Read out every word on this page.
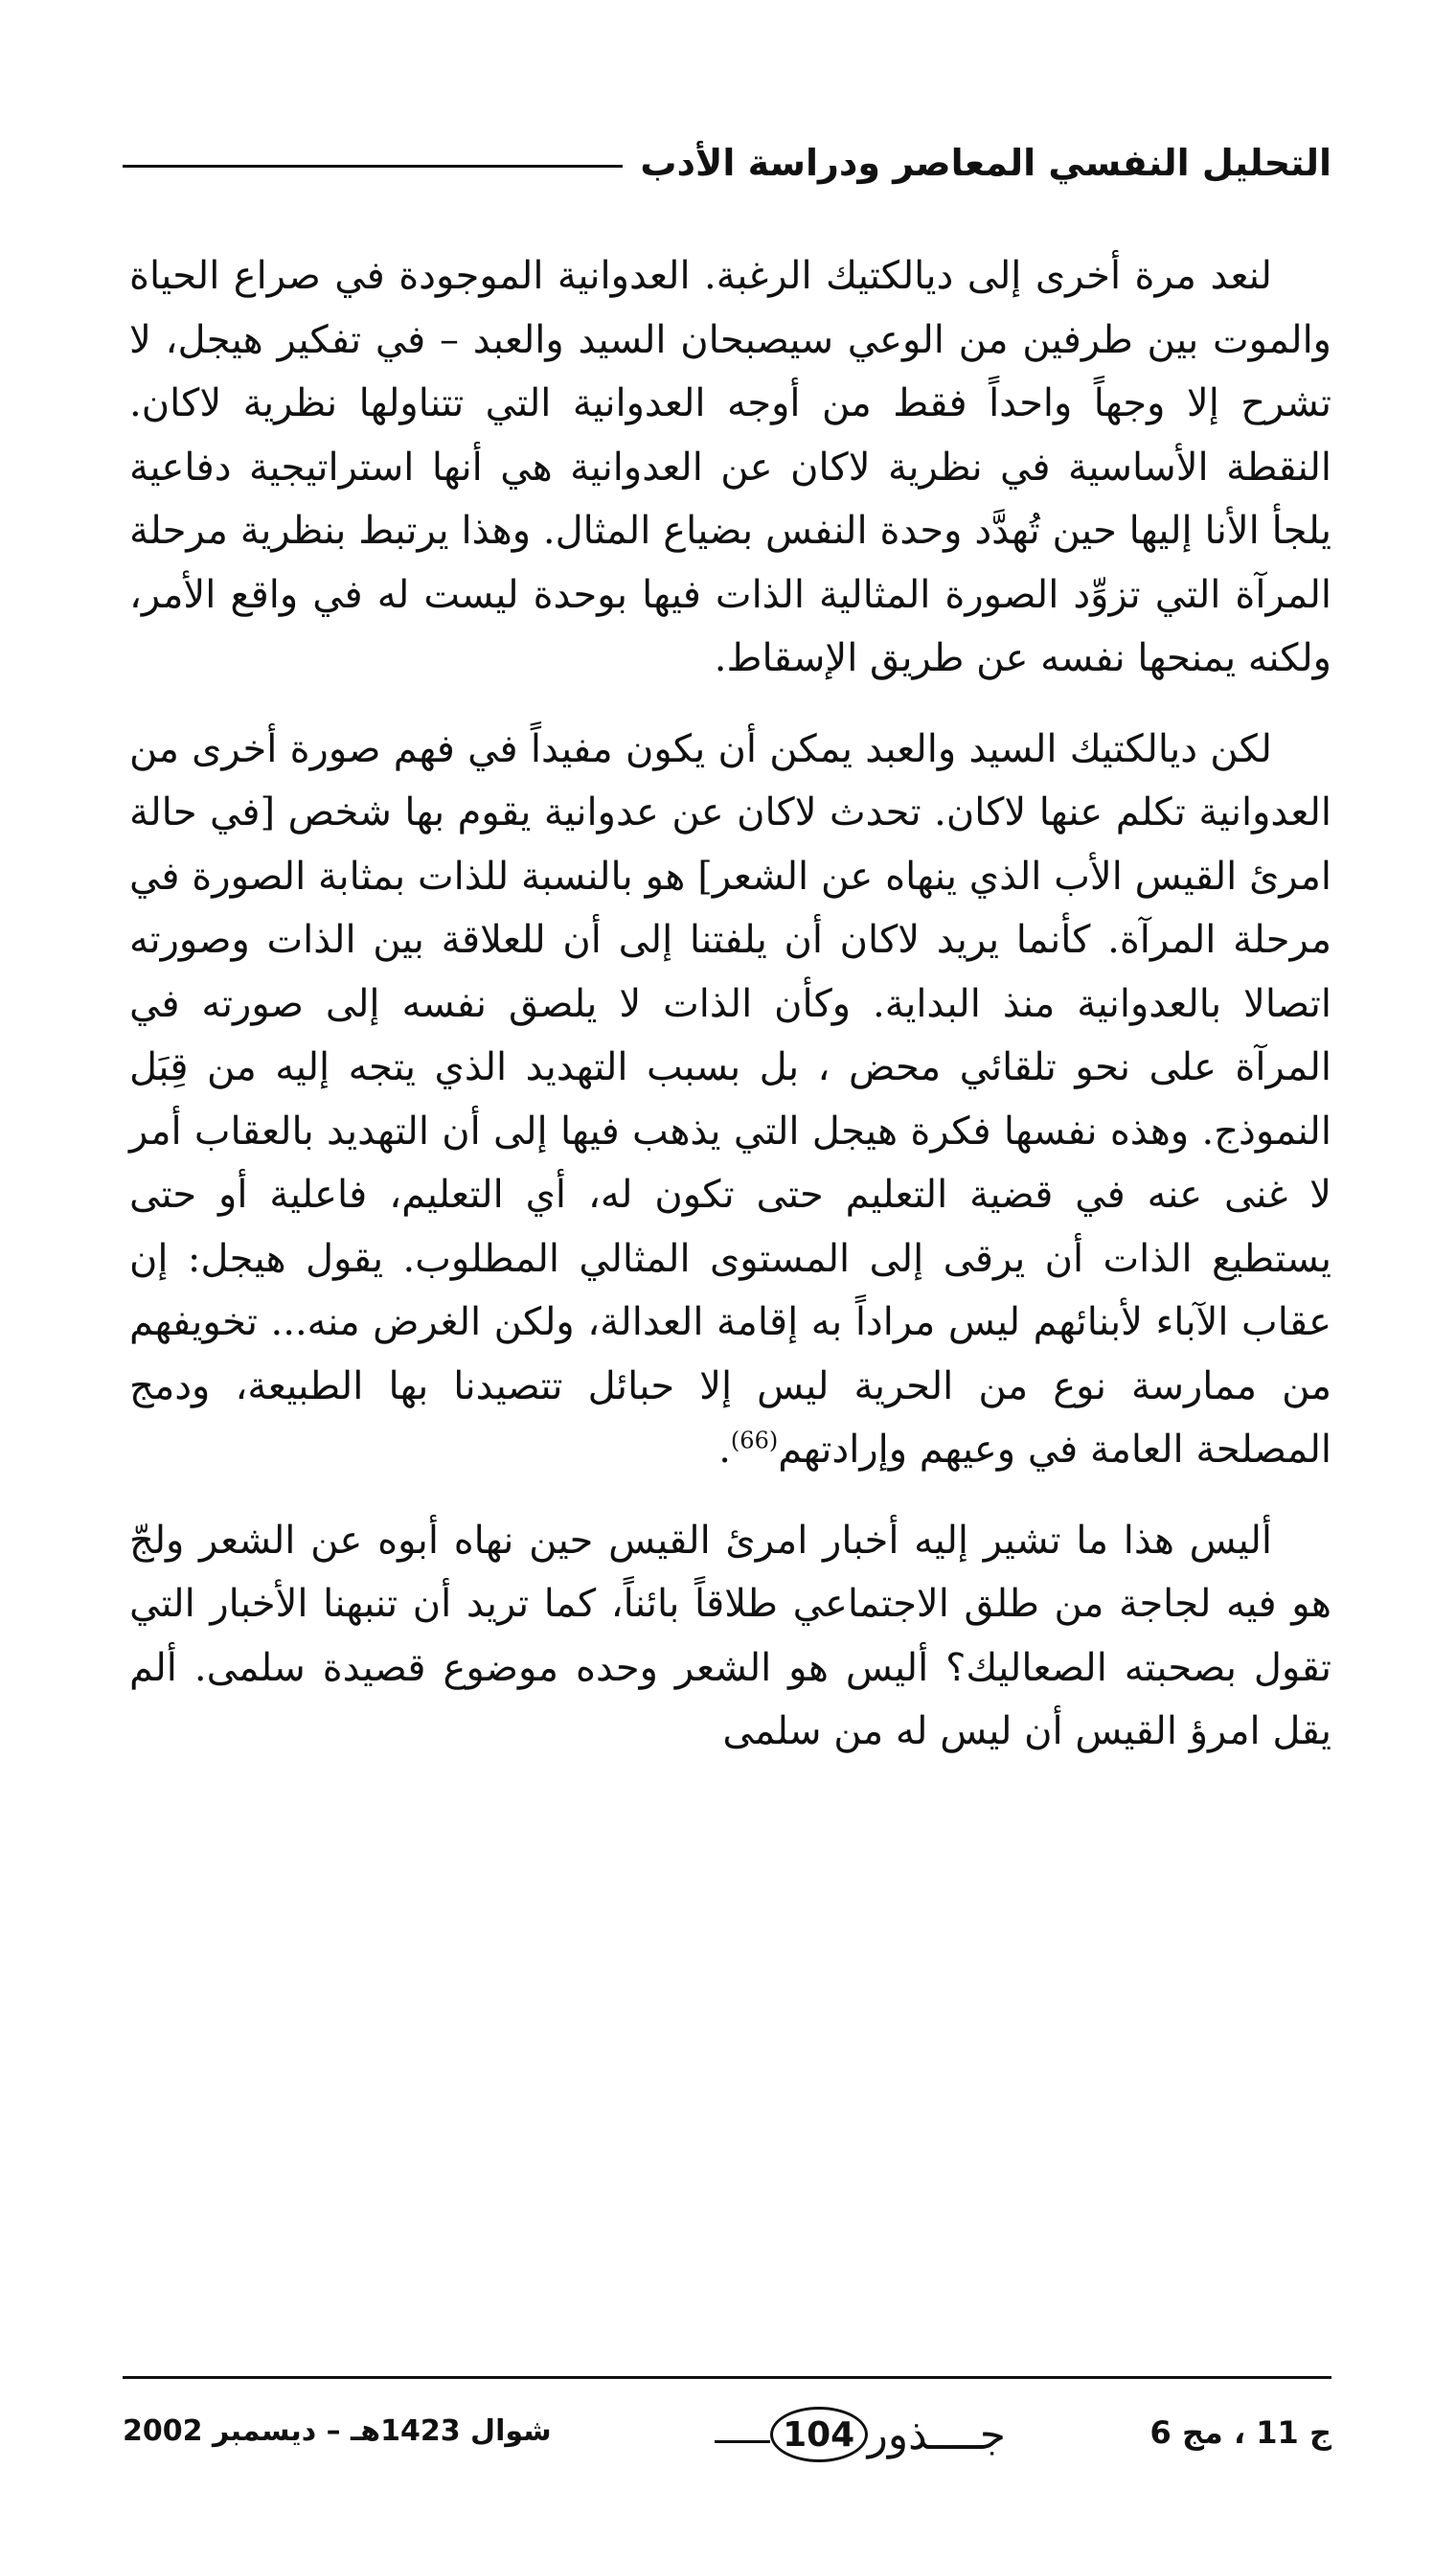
التحليل النفسي المعاصر ودراسة الأدب

لنعد مرة أخرى إلى ديالكتيك الرغبة. العدوانية الموجودة في صراع الحياة والموت بين طرفين من الوعي سيصبحان السيد والعبد – في تفكير هيجل، لا تشرح إلا وجهاً واحداً فقط من أوجه العدوانية التي تتناولها نظرية لاكان. النقطة الأساسية في نظرية لاكان عن العدوانية هي أنها استراتيجية دفاعية يلجأ الأنا إليها حين تُهدَّد وحدة النفس بضياع المثال. وهذا يرتبط بنظرية مرحلة المرآة التي تزوِّد الصورة المثالية الذات فيها بوحدة ليست له في واقع الأمر، ولكنه يمنحها نفسه عن طريق الإسقاط.

لكن ديالكتيك السيد والعبد يمكن أن يكون مفيداً في فهم صورة أخرى من العدوانية تكلم عنها لاكان. تحدث لاكان عن عدوانية يقوم بها شخص [في حالة امرئ القيس الأب الذي ينهاه عن الشعر] هو بالنسبة للذات بمثابة الصورة في مرحلة المرآة. كأنما يريد لاكان أن يلفتنا إلى أن للعلاقة بين الذات وصورته اتصالا بالعدوانية منذ البداية. وكأن الذات لا يلصق نفسه إلى صورته في المرآة على نحو تلقائي محض ، بل بسبب التهديد الذي يتجه إليه من قِبَل النموذج. وهذه نفسها فكرة هيجل التي يذهب فيها إلى أن التهديد بالعقاب أمر لا غنى عنه في قضية التعليم حتى تكون له، أي التعليم، فاعلية أو حتى يستطيع الذات أن يرقى إلى المستوى المثالي المطلوب. يقول هيجل: إن عقاب الآباء لأبنائهم ليس مراداً به إقامة العدالة، ولكن الغرض منه... تخويفهم من ممارسة نوع من الحرية ليس إلا حبائل تتصيدنا بها الطبيعة، ودمج المصلحة العامة في وعيهم وإرادتهم$^{(66)}$.

أليس هذا ما تشير إليه أخبار امرئ القيس حين نهاه أبوه عن الشعر ولجّ هو فيه لجاجة من طلق الاجتماعي طلاقاً بائناً، كما تريد أن تنبهنا الأخبار التي تقول بصحبته الصعاليك؟ أليس هو الشعر وحده موضوع قصيدة سلمى. ألم يقل امرؤ القيس أن ليس له من سلمى

ج 11 ، مج 6
جــــذور
104
شوال 1423هـ – ديسمبر 2002
